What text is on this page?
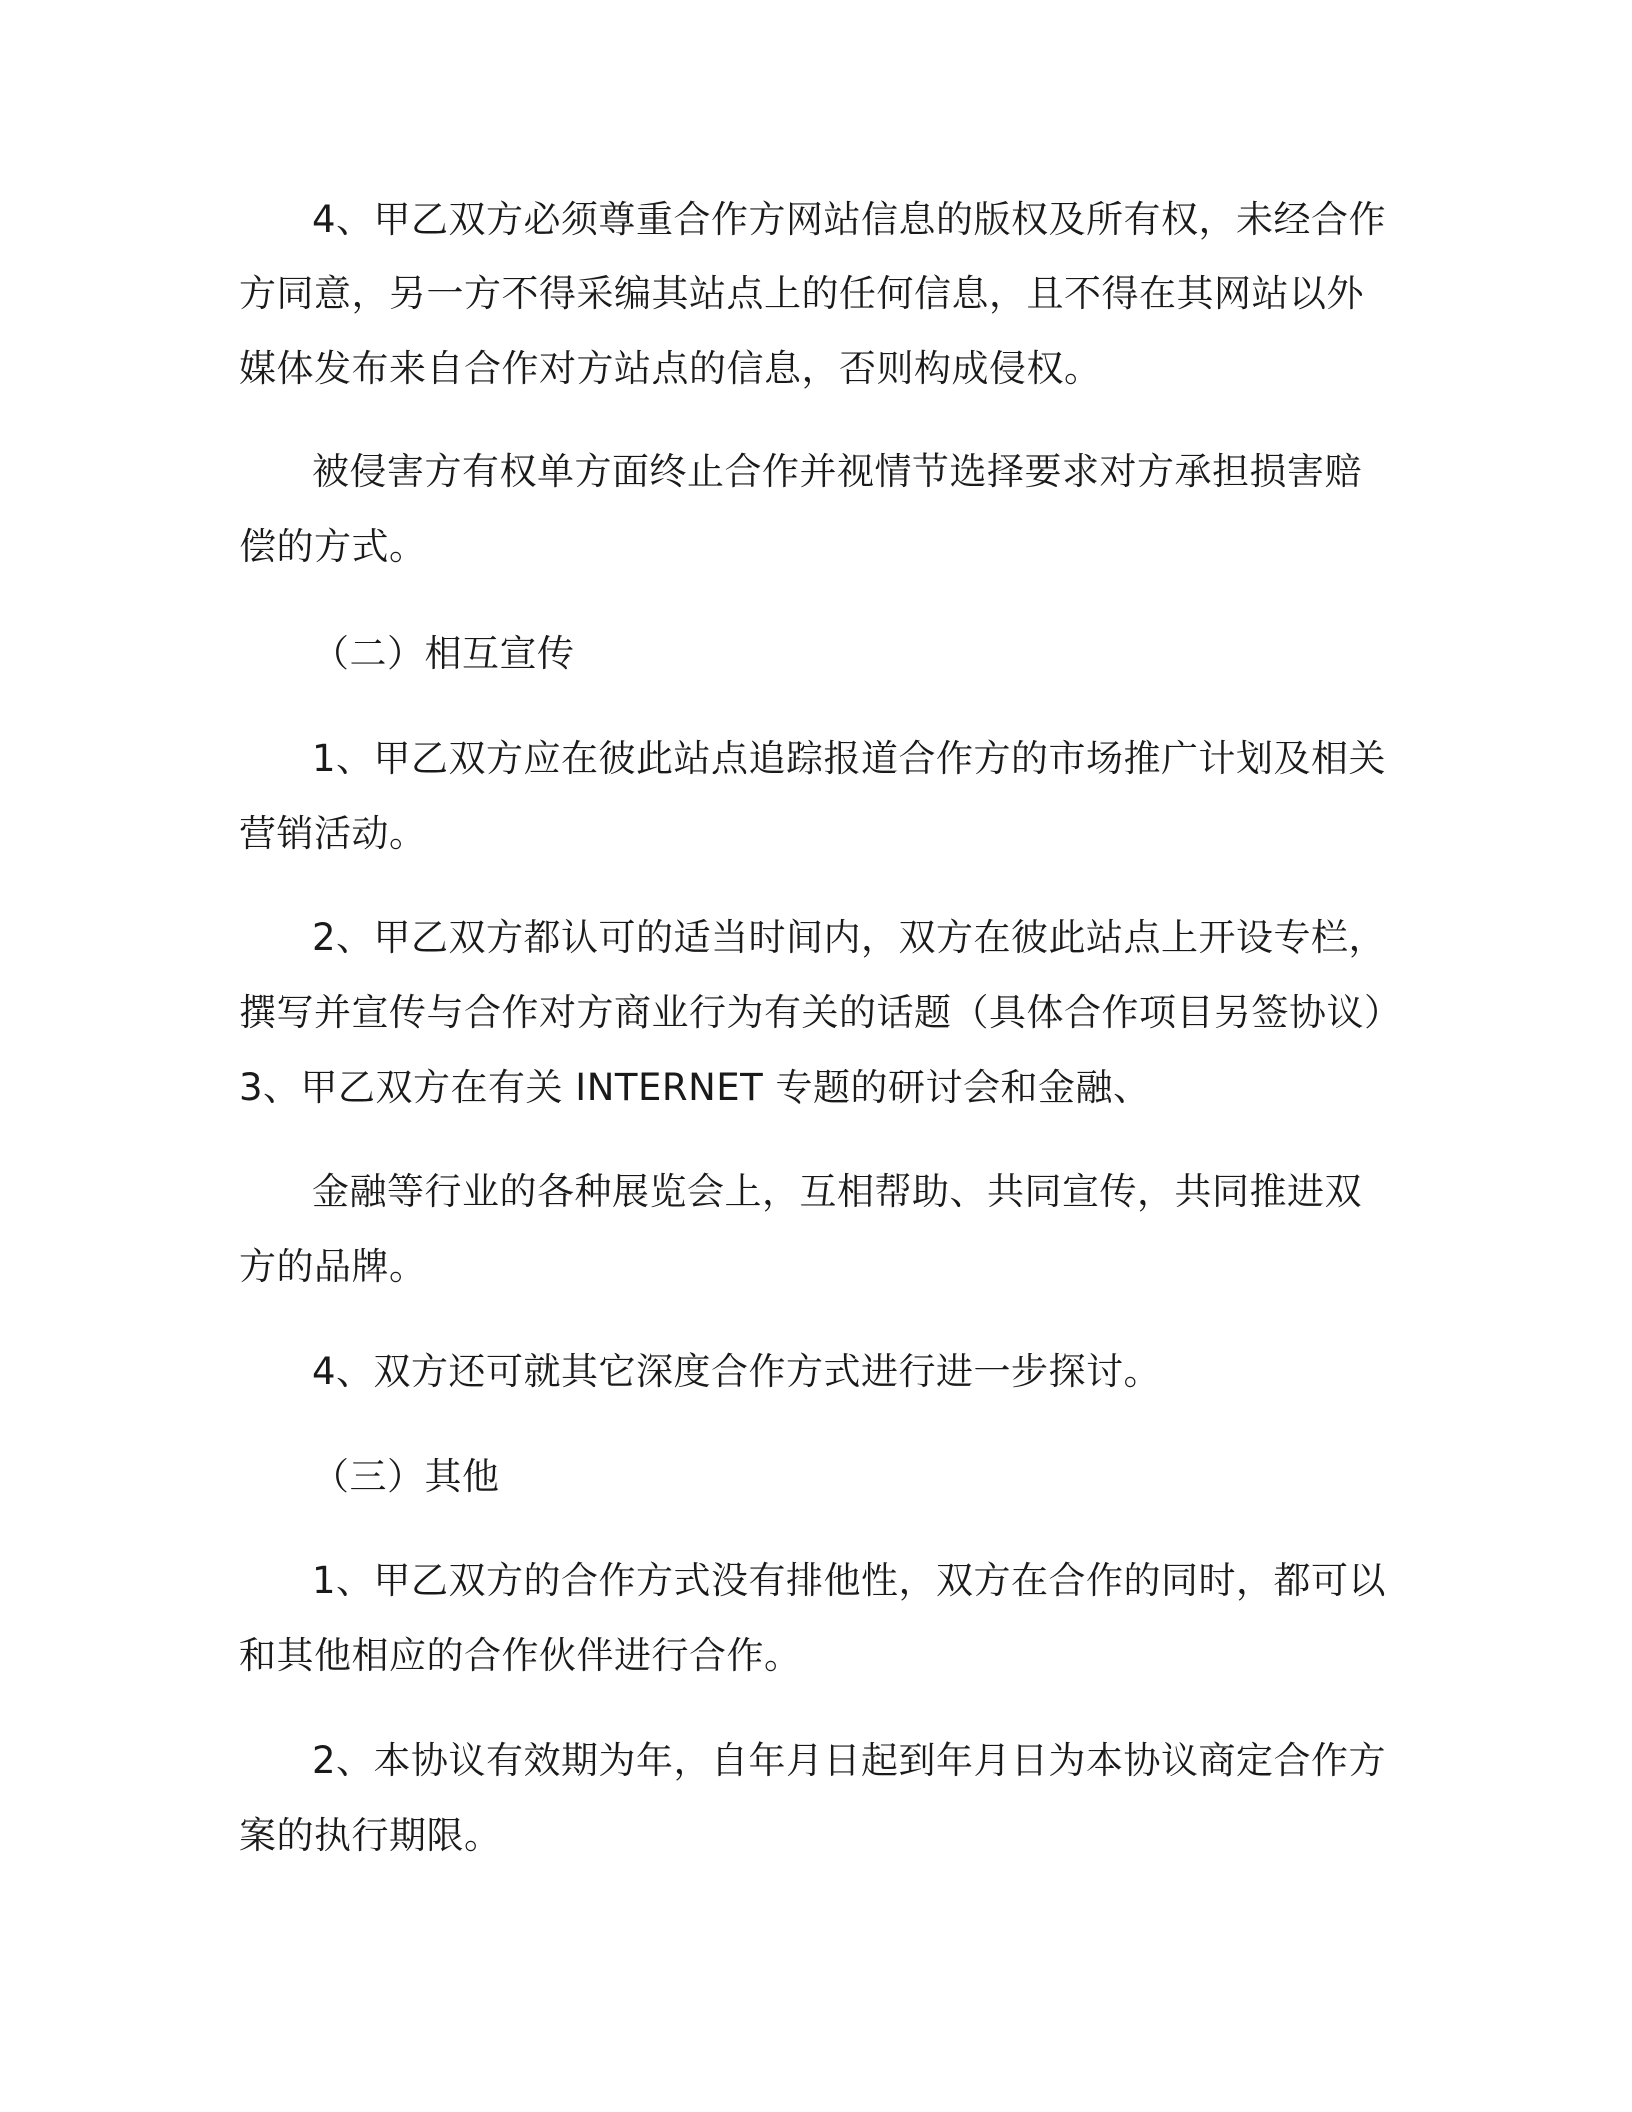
4、甲乙双方必须尊重合作方网站信息的版权及所有权，未经合作
方同意，另一方不得采编其站点上的任何信息，且不得在其网站以外
媒体发布来自合作对方站点的信息，否则构成侵权。
被侵害方有权单方面终止合作并视情节选择要求对方承担损害赔
偿的方式。
（二）相互宣传
1、甲乙双方应在彼此站点追踪报道合作方的市场推广计划及相关
营销活动。
2、甲乙双方都认可的适当时间内，双方在彼此站点上开设专栏，
撰写并宣传与合作对方商业行为有关的话题（具体合作项目另签协议）
3、甲乙双方在有关 INTERNET 专题的研讨会和金融、
金融等行业的各种展览会上，互相帮助、共同宣传，共同推进双
方的品牌。
4、双方还可就其它深度合作方式进行进一步探讨。
（三）其他
1、甲乙双方的合作方式没有排他性，双方在合作的同时，都可以
和其他相应的合作伙伴进行合作。
2、本协议有效期为年，自年月日起到年月日为本协议商定合作方
案的执行期限。
